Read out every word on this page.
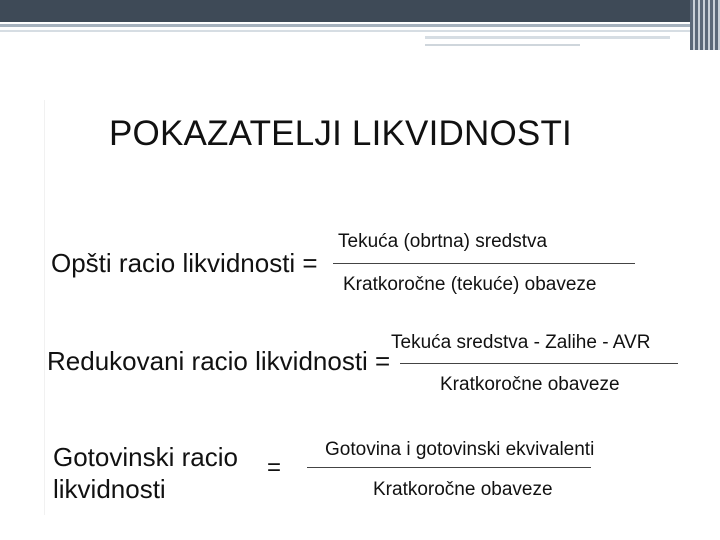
POKAZATELJI LIKVIDNOSTI
Opšti racio likvidnosti =
Tekuća (obrtna) sredstva
Kratkoročne (tekuće) obaveze
Redukovani racio likvidnosti =
Tekuća sredstva - Zalihe - AVR
Kratkoročne obaveze
Gotovinski racio
likvidnosti
=
Gotovina i gotovinski ekvivalenti
Kratkoročne obaveze
